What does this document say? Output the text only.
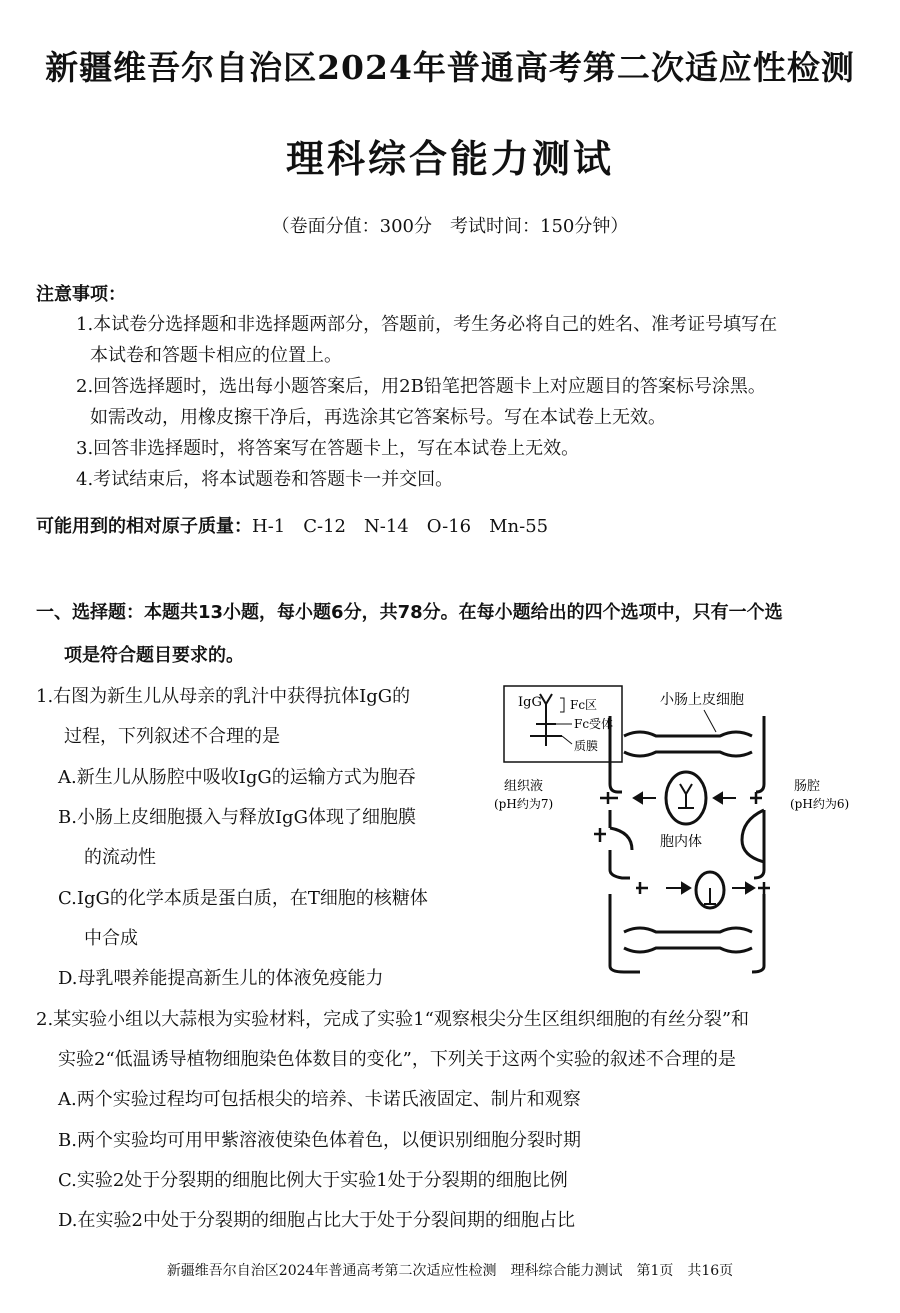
新疆维吾尔自治区2024年普通高考第二次适应性检测
理科综合能力测试
（卷面分值：300分　考试时间：150分钟）
注意事项：
1.本试卷分选择题和非选择题两部分，答题前，考生务必将自己的姓名、准考证号填写在
本试卷和答题卡相应的位置上。
2.回答选择题时，选出每小题答案后，用2B铅笔把答题卡上对应题目的答案标号涂黑。
如需改动，用橡皮擦干净后，再选涂其它答案标号。写在本试卷上无效。
3.回答非选择题时，将答案写在答题卡上，写在本试卷上无效。
4.考试结束后，将本试题卷和答题卡一并交回。
可能用到的相对原子质量：H-1　C-12　N-14　O-16　Mn-55
一、选择题：本题共13小题，每小题6分，共78分。在每小题给出的四个选项中，只有一个选
项是符合题目要求的。
1.右图为新生儿从母亲的乳汁中获得抗体IgG的
过程，下列叙述不合理的是
A.新生儿从肠腔中吸收IgG的运输方式为胞吞
B.小肠上皮细胞摄入与释放IgG体现了细胞膜
的流动性
C.IgG的化学本质是蛋白质，在T细胞的核糖体
中合成
D.母乳喂养能提高新生儿的体液免疫能力
IgG Fc区
Fc受体
质膜
小肠上皮细胞
胞内体
组织液
(pH约为7)
肠腔
(pH约为6)
2.某实验小组以大蒜根为实验材料，完成了实验1“观察根尖分生区组织细胞的有丝分裂”和
实验2“低温诱导植物细胞染色体数目的变化”，下列关于这两个实验的叙述不合理的是
A.两个实验过程均可包括根尖的培养、卡诺氏液固定、制片和观察
B.两个实验均可用甲紫溶液使染色体着色，以便识别细胞分裂时期
C.实验2处于分裂期的细胞比例大于实验1处于分裂期的细胞比例
D.在实验2中处于分裂期的细胞占比大于处于分裂间期的细胞占比
新疆维吾尔自治区2024年普通高考第二次适应性检测　理科综合能力测试　第1页　共16页
